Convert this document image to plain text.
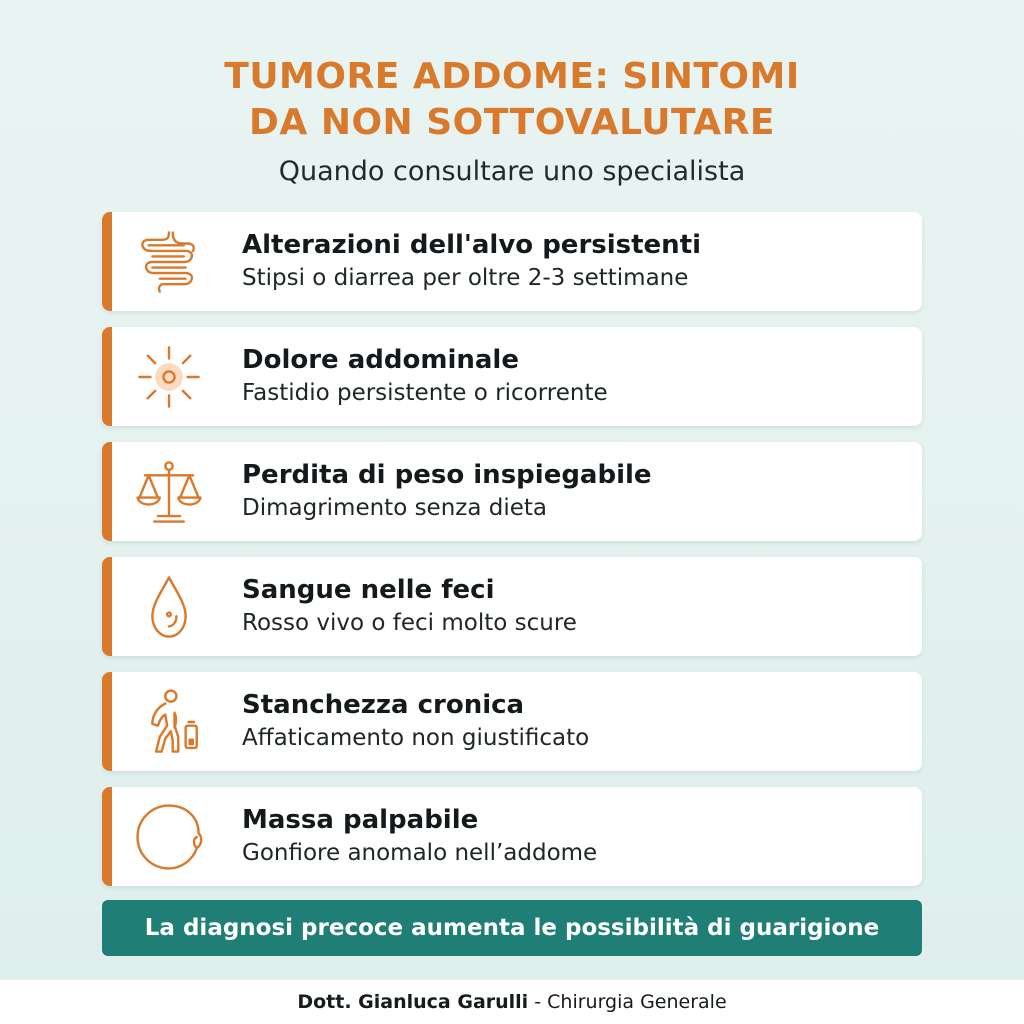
TUMORE ADDOME: SINTOMI
DA NON SOTTOVALUTARE

Quando consultare uno specialista

Alterazioni dell'alvo persistenti
Stipsi o diarrea per oltre 2-3 settimane
Dolore addominale
Fastidio persistente o ricorrente
Perdita di peso inspiegabile
Dimagrimento senza dieta
Sangue nelle feci
Rosso vivo o feci molto scure
Stanchezza cronica
Affaticamento non giustificato
Massa palpabile
Gonfiore anomalo nell’addome
La diagnosi precoce aumenta le possibilità di guarigione
Dott. Gianluca Garulli - Chirurgia Generale
